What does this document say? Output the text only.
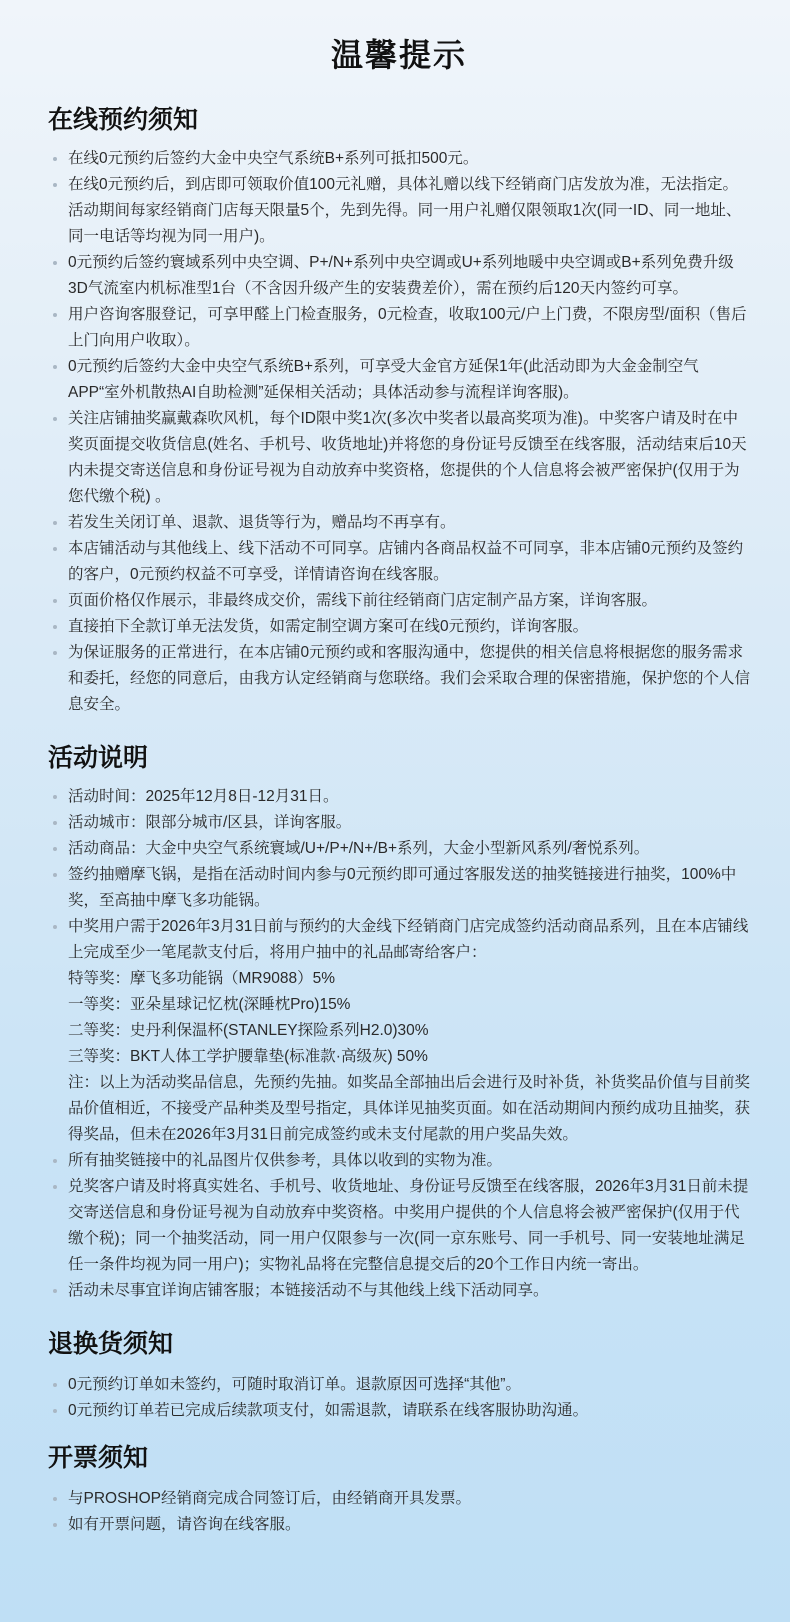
温馨提示
在线预约须知
在线0元预约后签约大金中央空气系统B+系列可抵扣500元。
在线0元预约后，到店即可领取价值100元礼赠，具体礼赠以线下经销商门店发放为准，无法指定。活动期间每家经销商门店每天限量5个，先到先得。同一用户礼赠仅限领取1次(同一ID、同一地址、同一电话等均视为同一用户)。
0元预约后签约寰域系列中央空调、P+/N+系列中央空调或U+系列地暖中央空调或B+系列免费升级3D气流室内机标准型1台（不含因升级产生的安装费差价），需在预约后120天内签约可享。
用户咨询客服登记，可享甲醛上门检查服务，0元检查，收取100元/户上门费，不限房型/面积（售后上门向用户收取）。
0元预约后签约大金中央空气系统B+系列，可享受大金官方延保1年(此活动即为大金金制空气APP“室外机散热AI自助检测”延保相关活动；具体活动参与流程详询客服)。
关注店铺抽奖赢戴森吹风机，每个ID限中奖1次(多次中奖者以最高奖项为准)。中奖客户请及时在中奖页面提交收货信息(姓名、手机号、收货地址)并将您的身份证号反馈至在线客服，活动结束后10天内未提交寄送信息和身份证号视为自动放弃中奖资格，您提供的个人信息将会被严密保护(仅用于为您代缴个税) 。
若发生关闭订单、退款、退货等行为，赠品均不再享有。
本店铺活动与其他线上、线下活动不可同享。店铺内各商品权益不可同享，非本店铺0元预约及签约的客户，0元预约权益不可享受，详情请咨询在线客服。
页面价格仅作展示，非最终成交价，需线下前往经销商门店定制产品方案，详询客服。
直接拍下全款订单无法发货，如需定制空调方案可在线0元预约，详询客服。
为保证服务的正常进行，在本店铺0元预约或和客服沟通中，您提供的相关信息将根据您的服务需求和委托，经您的同意后，由我方认定经销商与您联络。我们会采取合理的保密措施，保护您的个人信息安全。
活动说明
活动时间：2025年12月8日-12月31日。
活动城市：限部分城市/区县，详询客服。
活动商品：大金中央空气系统寰域/U+/P+/N+/B+系列，大金小型新风系列/奢悦系列。
签约抽赠摩飞锅，是指在活动时间内参与0元预约即可通过客服发送的抽奖链接进行抽奖，100%中奖，至高抽中摩飞多功能锅。
中奖用户需于2026年3月31日前与预约的大金线下经销商门店完成签约活动商品系列，且在本店铺线上完成至少一笔尾款支付后，将用户抽中的礼品邮寄给客户：
特等奖：摩飞多功能锅（MR9088）5%
一等奖：亚朵星球记忆枕(深睡枕Pro)15%
二等奖：史丹利保温杯(STANLEY探险系列H2.0)30%
三等奖：BKT人体工学护腰靠垫(标准款·高级灰) 50%
注：以上为活动奖品信息，先预约先抽。如奖品全部抽出后会进行及时补货，补货奖品价值与目前奖品价值相近，不接受产品种类及型号指定，具体详见抽奖页面。如在活动期间内预约成功且抽奖，获得奖品，但未在2026年3月31日前完成签约或未支付尾款的用户奖品失效。
所有抽奖链接中的礼品图片仅供参考，具体以收到的实物为准。
兑奖客户请及时将真实姓名、手机号、收货地址、身份证号反馈至在线客服，2026年3月31日前未提交寄送信息和身份证号视为自动放弃中奖资格。中奖用户提供的个人信息将会被严密保护(仅用于代缴个税)；同一个抽奖活动，同一用户仅限参与一次(同一京东账号、同一手机号、同一安装地址满足任一条件均视为同一用户)；实物礼品将在完整信息提交后的20个工作日内统一寄出。
活动未尽事宜详询店铺客服；本链接活动不与其他线上线下活动同享。
退换货须知
0元预约订单如未签约，可随时取消订单。退款原因可选择“其他”。
0元预约订单若已完成后续款项支付，如需退款，请联系在线客服协助沟通。
开票须知
与PROSHOP经销商完成合同签订后，由经销商开具发票。
如有开票问题，请咨询在线客服。
